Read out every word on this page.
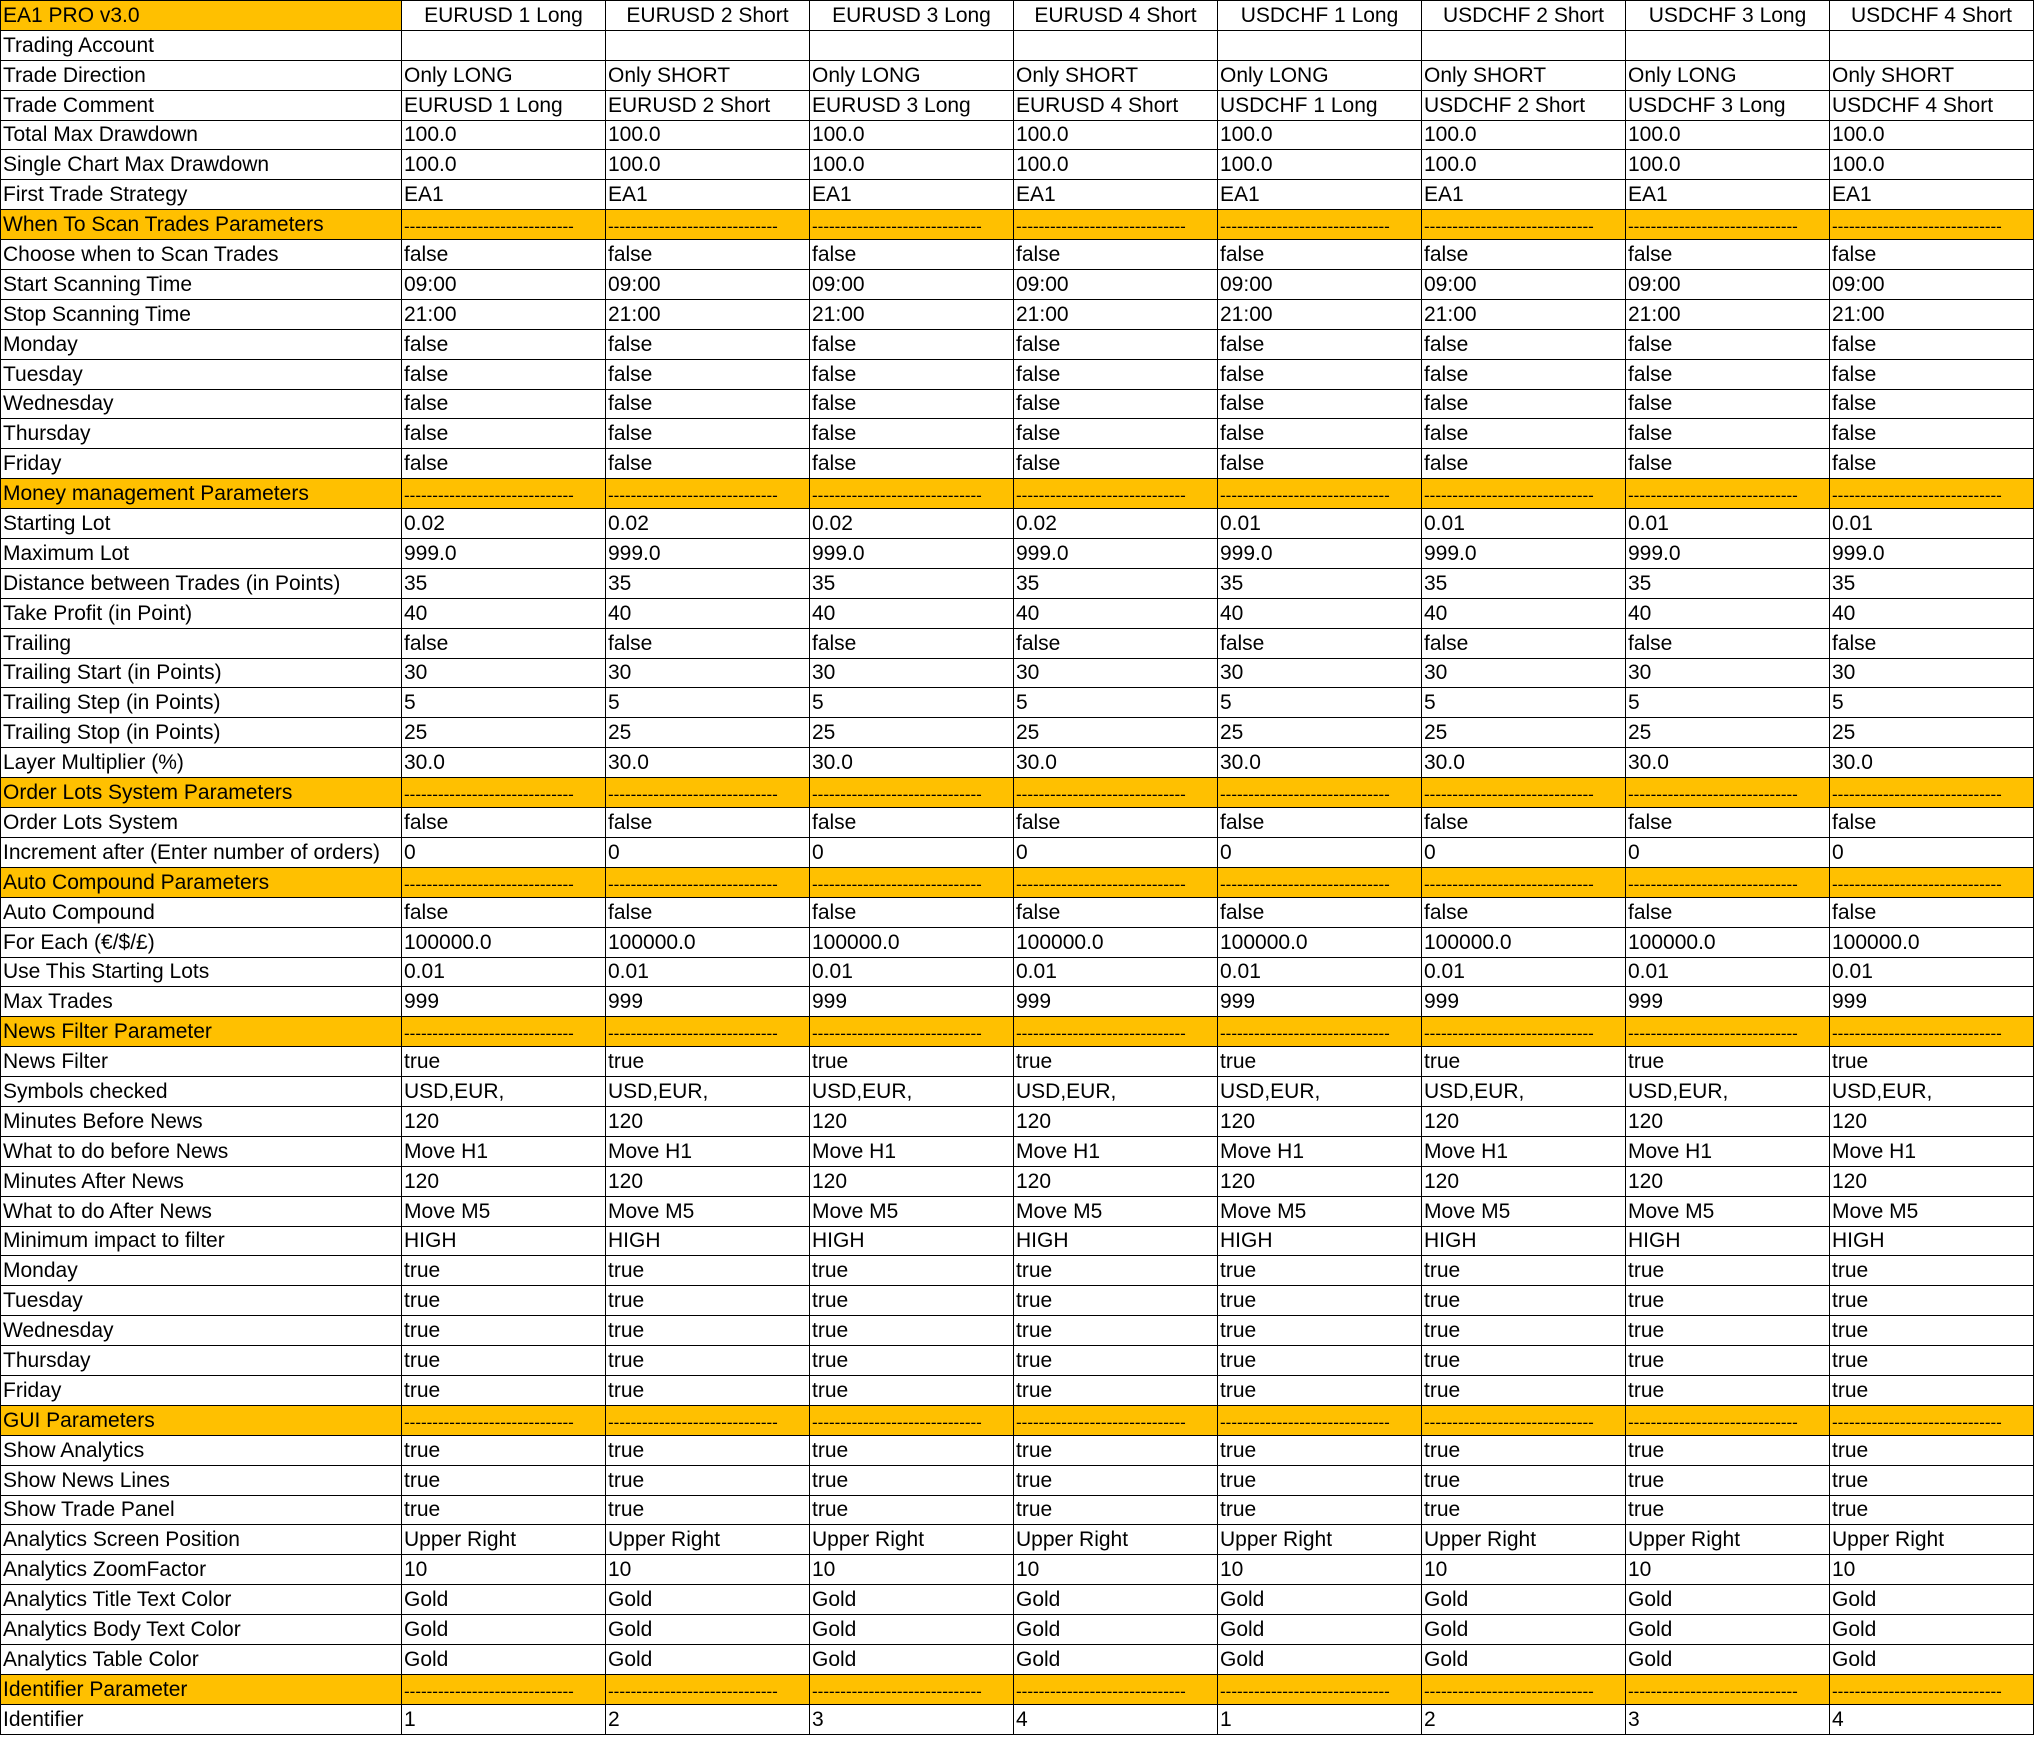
EA1 PRO v3.0	EURUSD 1 Long	EURUSD 2 Short	EURUSD 3 Long	EURUSD 4 Short	USDCHF 1 Long	USDCHF 2 Short	USDCHF 3 Long	USDCHF 4 Short
Trading Account								
Trade Direction	Only LONG	Only SHORT	Only LONG	Only SHORT	Only LONG	Only SHORT	Only LONG	Only SHORT
Trade Comment	EURUSD 1 Long	EURUSD 2 Short	EURUSD 3 Long	EURUSD 4 Short	USDCHF 1 Long	USDCHF 2 Short	USDCHF 3 Long	USDCHF 4 Short
Total Max Drawdown	100.0	100.0	100.0	100.0	100.0	100.0	100.0	100.0
Single Chart Max Drawdown	100.0	100.0	100.0	100.0	100.0	100.0	100.0	100.0
First Trade Strategy	EA1	EA1	EA1	EA1	EA1	EA1	EA1	EA1
When To Scan Trades Parameters	------------------------------	------------------------------	------------------------------	------------------------------	------------------------------	------------------------------	------------------------------	------------------------------
Choose when to Scan Trades	false	false	false	false	false	false	false	false
Start Scanning Time	09:00	09:00	09:00	09:00	09:00	09:00	09:00	09:00
Stop Scanning Time	21:00	21:00	21:00	21:00	21:00	21:00	21:00	21:00
Monday	false	false	false	false	false	false	false	false
Tuesday	false	false	false	false	false	false	false	false
Wednesday	false	false	false	false	false	false	false	false
Thursday	false	false	false	false	false	false	false	false
Friday	false	false	false	false	false	false	false	false
Money management Parameters	------------------------------	------------------------------	------------------------------	------------------------------	------------------------------	------------------------------	------------------------------	------------------------------
Starting Lot	0.02	0.02	0.02	0.02	0.01	0.01	0.01	0.01
Maximum Lot	999.0	999.0	999.0	999.0	999.0	999.0	999.0	999.0
Distance between Trades (in Points)	35	35	35	35	35	35	35	35
Take Profit (in Point)	40	40	40	40	40	40	40	40
Trailing	false	false	false	false	false	false	false	false
Trailing Start (in Points)	30	30	30	30	30	30	30	30
Trailing Step (in Points)	5	5	5	5	5	5	5	5
Trailing Stop (in Points)	25	25	25	25	25	25	25	25
Layer Multiplier (%)	30.0	30.0	30.0	30.0	30.0	30.0	30.0	30.0
Order Lots System Parameters	------------------------------	------------------------------	------------------------------	------------------------------	------------------------------	------------------------------	------------------------------	------------------------------
Order Lots System	false	false	false	false	false	false	false	false
Increment after (Enter number of orders)	0	0	0	0	0	0	0	0
Auto Compound Parameters	------------------------------	------------------------------	------------------------------	------------------------------	------------------------------	------------------------------	------------------------------	------------------------------
Auto Compound	false	false	false	false	false	false	false	false
For Each (€/$/£)	100000.0	100000.0	100000.0	100000.0	100000.0	100000.0	100000.0	100000.0
Use This Starting Lots	0.01	0.01	0.01	0.01	0.01	0.01	0.01	0.01
Max Trades	999	999	999	999	999	999	999	999
News Filter Parameter	------------------------------	------------------------------	------------------------------	------------------------------	------------------------------	------------------------------	------------------------------	------------------------------
News Filter	true	true	true	true	true	true	true	true
Symbols checked	USD,EUR,	USD,EUR,	USD,EUR,	USD,EUR,	USD,EUR,	USD,EUR,	USD,EUR,	USD,EUR,
Minutes Before News	120	120	120	120	120	120	120	120
What to do before News	Move H1	Move H1	Move H1	Move H1	Move H1	Move H1	Move H1	Move H1
Minutes After News	120	120	120	120	120	120	120	120
What to do After News	Move M5	Move M5	Move M5	Move M5	Move M5	Move M5	Move M5	Move M5
Minimum impact to filter	HIGH	HIGH	HIGH	HIGH	HIGH	HIGH	HIGH	HIGH
Monday	true	true	true	true	true	true	true	true
Tuesday	true	true	true	true	true	true	true	true
Wednesday	true	true	true	true	true	true	true	true
Thursday	true	true	true	true	true	true	true	true
Friday	true	true	true	true	true	true	true	true
GUI Parameters	------------------------------	------------------------------	------------------------------	------------------------------	------------------------------	------------------------------	------------------------------	------------------------------
Show Analytics	true	true	true	true	true	true	true	true
Show News Lines	true	true	true	true	true	true	true	true
Show Trade Panel	true	true	true	true	true	true	true	true
Analytics Screen Position	Upper Right	Upper Right	Upper Right	Upper Right	Upper Right	Upper Right	Upper Right	Upper Right
Analytics ZoomFactor	10	10	10	10	10	10	10	10
Analytics Title Text Color	Gold	Gold	Gold	Gold	Gold	Gold	Gold	Gold
Analytics Body Text Color	Gold	Gold	Gold	Gold	Gold	Gold	Gold	Gold
Analytics Table Color	Gold	Gold	Gold	Gold	Gold	Gold	Gold	Gold
Identifier Parameter	------------------------------	------------------------------	------------------------------	------------------------------	------------------------------	------------------------------	------------------------------	------------------------------
Identifier	1	2	3	4	1	2	3	4
